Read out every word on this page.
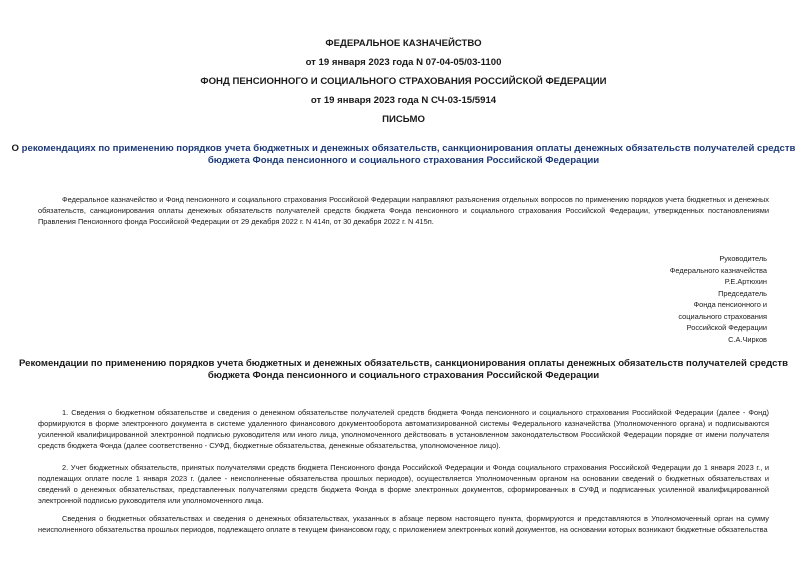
ФЕДЕРАЛЬНОЕ КАЗНАЧЕЙСТВО
от 19 января 2023 года N 07-04-05/03-1100
ФОНД ПЕНСИОННОГО И СОЦИАЛЬНОГО СТРАХОВАНИЯ РОССИЙСКОЙ ФЕДЕРАЦИИ
от 19 января 2023 года N СЧ-03-15/5914
ПИСЬМО
О рекомендациях по применению порядков учета бюджетных и денежных обязательств, санкционирования оплаты денежных обязательств получателей средств
бюджета Фонда пенсионного и социального страхования Российской Федерации
Федеральное казначейство и Фонд пенсионного и социального страхования Российской Федерации направляют разъяснения отдельных вопросов по применению порядков учета бюджетных и денежных обязательств, санкционирования оплаты денежных обязательств получателей средств бюджета Фонда пенсионного и социального страхования Российской Федерации, утвержденных постановлениями Правления Пенсионного фонда Российской Федерации от 29 декабря 2022 г. N 414п, от 30 декабря 2022 г. N 415п.
Руководитель
Федерального казначейства
Р.Е.Артюхин
Председатель
Фонда пенсионного и
социального страхования
Российской Федерации
С.А.Чирков
Рекомендации по применению порядков учета бюджетных и денежных обязательств, санкционирования оплаты денежных обязательств получателей средств
бюджета Фонда пенсионного и социального страхования Российской Федерации
1. Сведения о бюджетном обязательстве и сведения о денежном обязательстве получателей средств бюджета Фонда пенсионного и социального страхования Российской Федерации (далее - Фонд) формируются в форме электронного документа в системе удаленного финансового документооборота автоматизированной системы Федерального казначейства (Уполномоченного органа) и подписываются усиленной квалифицированной электронной подписью руководителя или иного лица, уполномоченного действовать в установленном законодательством Российской Федерации порядке от имени получателя средств бюджета Фонда (далее соответственно - СУФД, бюджетные обязательства, денежные обязательства, уполномоченное лицо).
2. Учет бюджетных обязательств, принятых получателями средств бюджета Пенсионного фонда Российской Федерации и Фонда социального страхования Российской Федерации до 1 января 2023 г., и подлежащих оплате после 1 января 2023 г. (далее - неисполненные обязательства прошлых периодов), осуществляется Уполномоченным органом на основании сведений о бюджетных обязательствах и сведений о денежных обязательствах, представленных получателями средств бюджета Фонда в форме электронных документов, сформированных в СУФД и подписанных усиленной квалифицированной электронной подписью руководителя или уполномоченного лица.
Сведения о бюджетных обязательствах и сведения о денежных обязательствах, указанных в абзаце первом настоящего пункта, формируются и представляются в Уполномоченный орган на сумму неисполненного обязательства прошлых периодов, подлежащего оплате в текущем финансовом году, с приложением электронных копий документов, на основании которых возникают бюджетные обязательства
